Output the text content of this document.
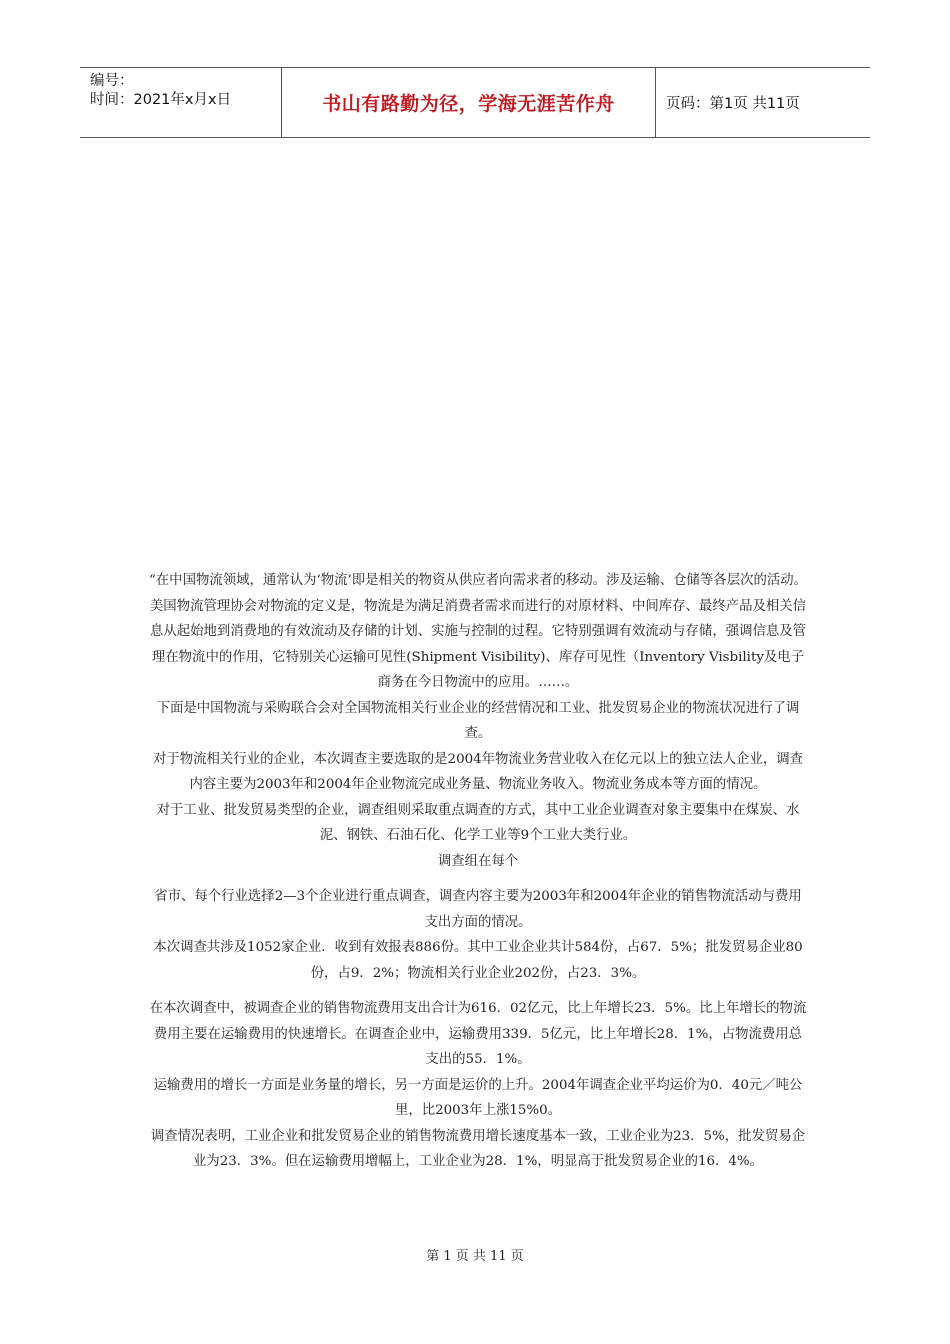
编号：
时间：2021年x月x日	书山有路勤为径，学海无涯苦作舟	页码：第1页 共11页

“在中国物流领域，通常认为‘物流’即是相关的物资从供应者向需求者的移动。涉及运输、仓储等各层次的活动。美国物流管理协会对物流的定义是，物流是为满足消费者需求而进行的对原材料、中间库存、最终产品及相关信息从起始地到消费地的有效流动及存储的计划、实施与控制的过程。它特别强调有效流动与存储，强调信息及管理在物流中的作用，它特别关心运输可见性(Shipment Visibility)、库存可见性（Inventory Visbility及电子商务在今日物流中的应用。……。

下面是中国物流与采购联合会对全国物流相关行业企业的经营情况和工业、批发贸易企业的物流状况进行了调查。

对于物流相关行业的企业，本次调查主要选取的是2004年物流业务营业收入在亿元以上的独立法人企业，调查内容主要为2003年和2004年企业物流完成业务量、物流业务收入。物流业务成本等方面的情况。

对于工业、批发贸易类型的企业，调查组则采取重点调查的方式，其中工业企业调查对象主要集中在煤炭、水泥、钢铁、石油石化、化学工业等9个工业大类行业。

调查组在每个

省市、每个行业选择2—3个企业进行重点调查，调查内容主要为2003年和2004年企业的销售物流活动与费用支出方面的情况。

本次调查共涉及1052家企业．收到有效报表886份。其中工业企业共计584份，占67．5%；批发贸易企业80份，占9．2%；物流相关行业企业202份，占23．3%。

在本次调查中，被调查企业的销售物流费用支出合计为616．02亿元，比上年增长23．5%。比上年增长的物流费用主要在运输费用的快速增长。在调查企业中，运输费用339．5亿元，比上年增长28．1%，占物流费用总支出的55．1%。

运输费用的增长一方面是业务量的增长，另一方面是运价的上升。2004年调查企业平均运价为0．40元／吨公里，比2003年上涨15%0。

调查情况表明，工业企业和批发贸易企业的销售物流费用增长速度基本一致，工业企业为23．5%，批发贸易企业为23．3%。但在运输费用增幅上，工业企业为28．1%，明显高于批发贸易企业的16．4%。

第 1 页 共 11 页
